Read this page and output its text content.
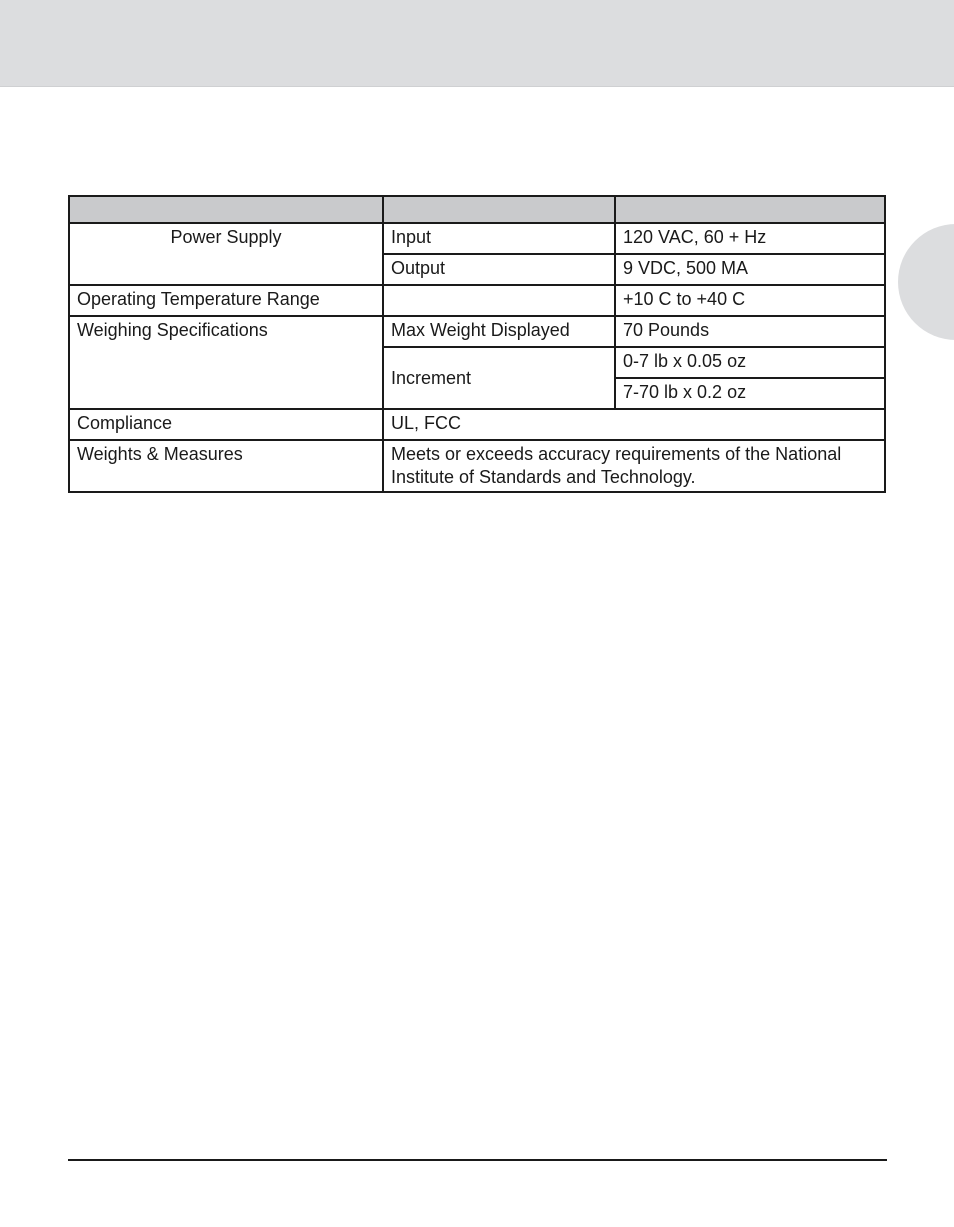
Power Supply	Input	120 VAC, 60 + Hz
	Output	9 VDC, 500 MA
Operating Temperature Range		+10 C to +40 C
Weighing Specifications	Max Weight Displayed	70 Pounds
	Increment	0-7 lb x 0.05 oz
		7-70 lb x 0.2 oz
Compliance	UL, FCC	
Weights & Measures	Meets or exceeds accuracy requirements of the National Institute of Standards and Technology.	
